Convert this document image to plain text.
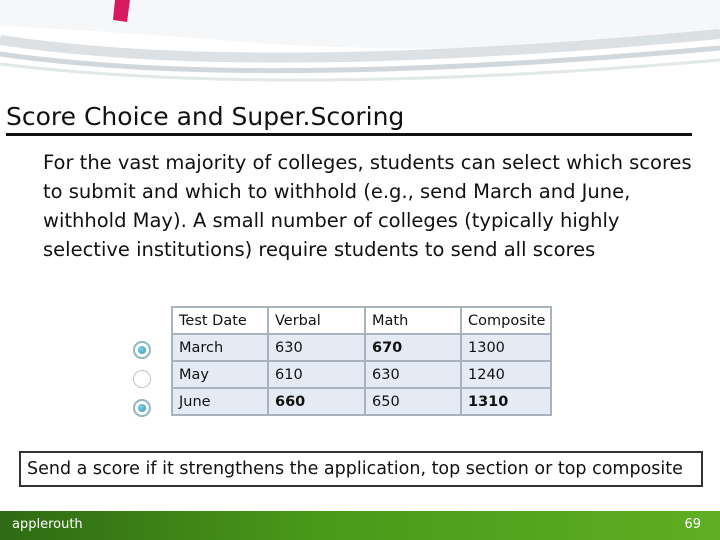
Score Choice and Super.Scoring
For the vast majority of colleges, students can select which scores to submit and which to withhold (e.g., send March and June, withhold May). A small number of colleges (typically highly selective institutions) require students to send all scores
Test Date	Verbal	Math	Composite
March	630	670	1300
May	610	630	1240
June	660	650	1310
Send a score if it strengthens the application, top section or top composite
applerouth	69
